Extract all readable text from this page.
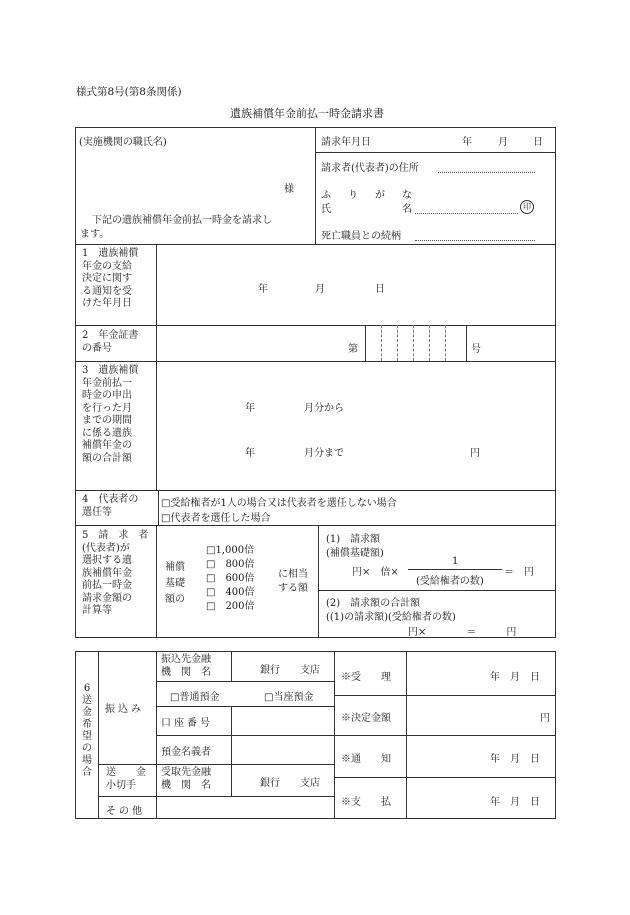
様式第8号(第8条関係)
遺族補償年金前払一時金請求書
(実施機関の職氏名)
様
下記の遺族補償年金前払一時金を請求し
ます。
請求年月日	年	月	日
請求者(代表者)の住所
ふ り が な
氏	名	印
死亡職員との続柄
1　遺族補償
年金の支給
決定に関す
る通知を受
けた年月日
年	月	日
2　年金証書
の番号	第	号
3　遺族補償
年金前払一
時金の申出
を行った月
までの期間
に係る遺族
補償年金の
額の合計額
年	月分から
年	月分まで	円
4　代表者の
選任等
□受給権者が1人の場合又は代表者を選任しない場合
□代表者を選任した場合
5　請　求　者
(代表者)が
選択する遺
族補償年金
前払一時金
請求金額の
計算等
補償
基礎
額の
□1,000倍
□　800倍
□　600倍
□　400倍
□　200倍
に相当
する額
(1)　請求額
(補償基礎額)
円×　倍×
1
(受給権者の数)
＝　円
(2)　請求額の合計額
((1)の請求額)(受給権者の数)
円×　　　　＝　　　円
6送金希望の場合
振込み
振込先金融
機　関　名	銀行　　支店
□普通預金	□当座預金
口座番号
預金名義者
送　　金
小切手
受取先金融
機　関　名	銀行　　支店
その他
※受　　理	年　月　日
※決定金額	円
※通　　知	年　月　日
※支　　払	年　月　日
